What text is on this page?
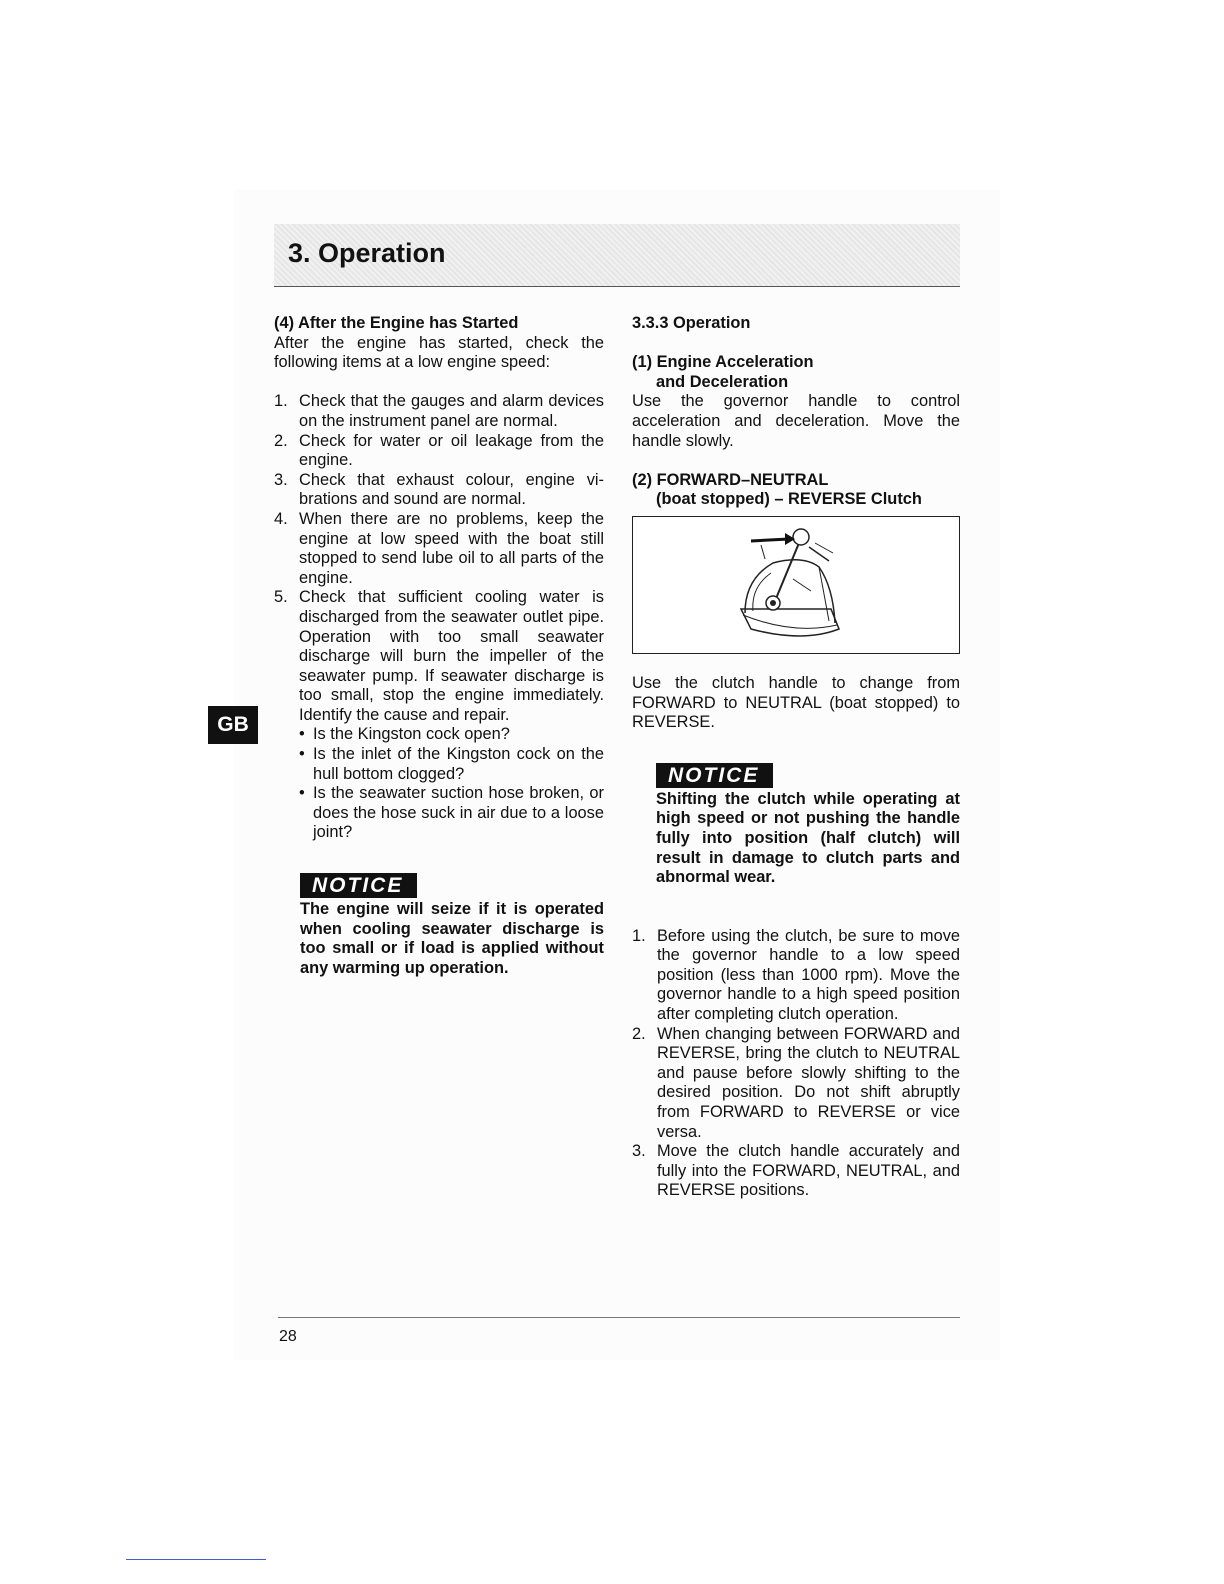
3. Operation
GB
(4) After the Engine has Started
After the engine has started, check the following items at a low engine speed:
1. Check that the gauges and alarm devices on the instrument panel are normal.
2. Check for water or oil leakage from the engine.
3. Check that exhaust colour, engine vi-brations and sound are normal.
4. When there are no problems, keep the engine at low speed with the boat still stopped to send lube oil to all parts of the engine.
5. Check that sufficient cooling water is discharged from the seawater outlet pipe. Operation with too small seawater discharge will burn the impeller of the seawater pump. If seawater discharge is too small, stop the engine immediately. Identify the cause and repair.
• Is the Kingston cock open?
• Is the inlet of the Kingston cock on the hull bottom clogged?
• Is the seawater suction hose broken, or does the hose suck in air due to a loose joint?
NOTICE
The engine will seize if it is operated when cooling seawater discharge is too small or if load is applied without any warming up operation.
3.3.3 Operation
(1) Engine Acceleration
and Deceleration
Use the governor handle to control acceleration and deceleration. Move the handle slowly.
(2) FORWARD–NEUTRAL
(boat stopped) – REVERSE Clutch
Use the clutch handle to change from FORWARD to NEUTRAL (boat stopped) to REVERSE.
NOTICE
Shifting the clutch while operating at high speed or not pushing the handle fully into position (half clutch) will result in damage to clutch parts and abnormal wear.
1. Before using the clutch, be sure to move the governor handle to a low speed position (less than 1000 rpm). Move the governor handle to a high speed position after completing clutch operation.
2. When changing between FORWARD and REVERSE, bring the clutch to NEUTRAL and pause before slowly shifting to the desired position. Do not shift abruptly from FORWARD to REVERSE or vice versa.
3. Move the clutch handle accurately and fully into the FORWARD, NEUTRAL, and REVERSE positions.
28
